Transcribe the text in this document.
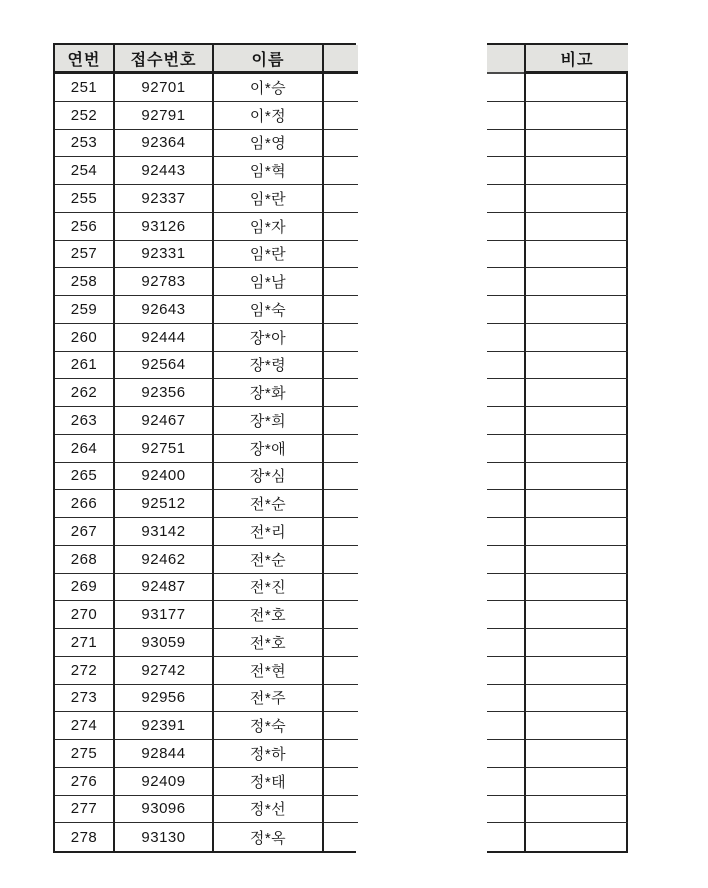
연번	접수번호	이름
251	92701	이*승
252	92791	이*정
253	92364	임*영
254	92443	임*혁
255	92337	임*란
256	93126	임*자
257	92331	임*란
258	92783	임*남
259	92643	임*숙
260	92444	장*아
261	92564	장*령
262	92356	장*화
263	92467	장*희
264	92751	장*애
265	92400	장*심
266	92512	전*순
267	93142	전*리
268	92462	전*순
269	92487	전*진
270	93177	전*호
271	93059	전*호
272	92742	전*현
273	92956	전*주
274	92391	정*숙
275	92844	정*하
276	92409	정*태
277	93096	정*선
278	93130	정*옥
비고
